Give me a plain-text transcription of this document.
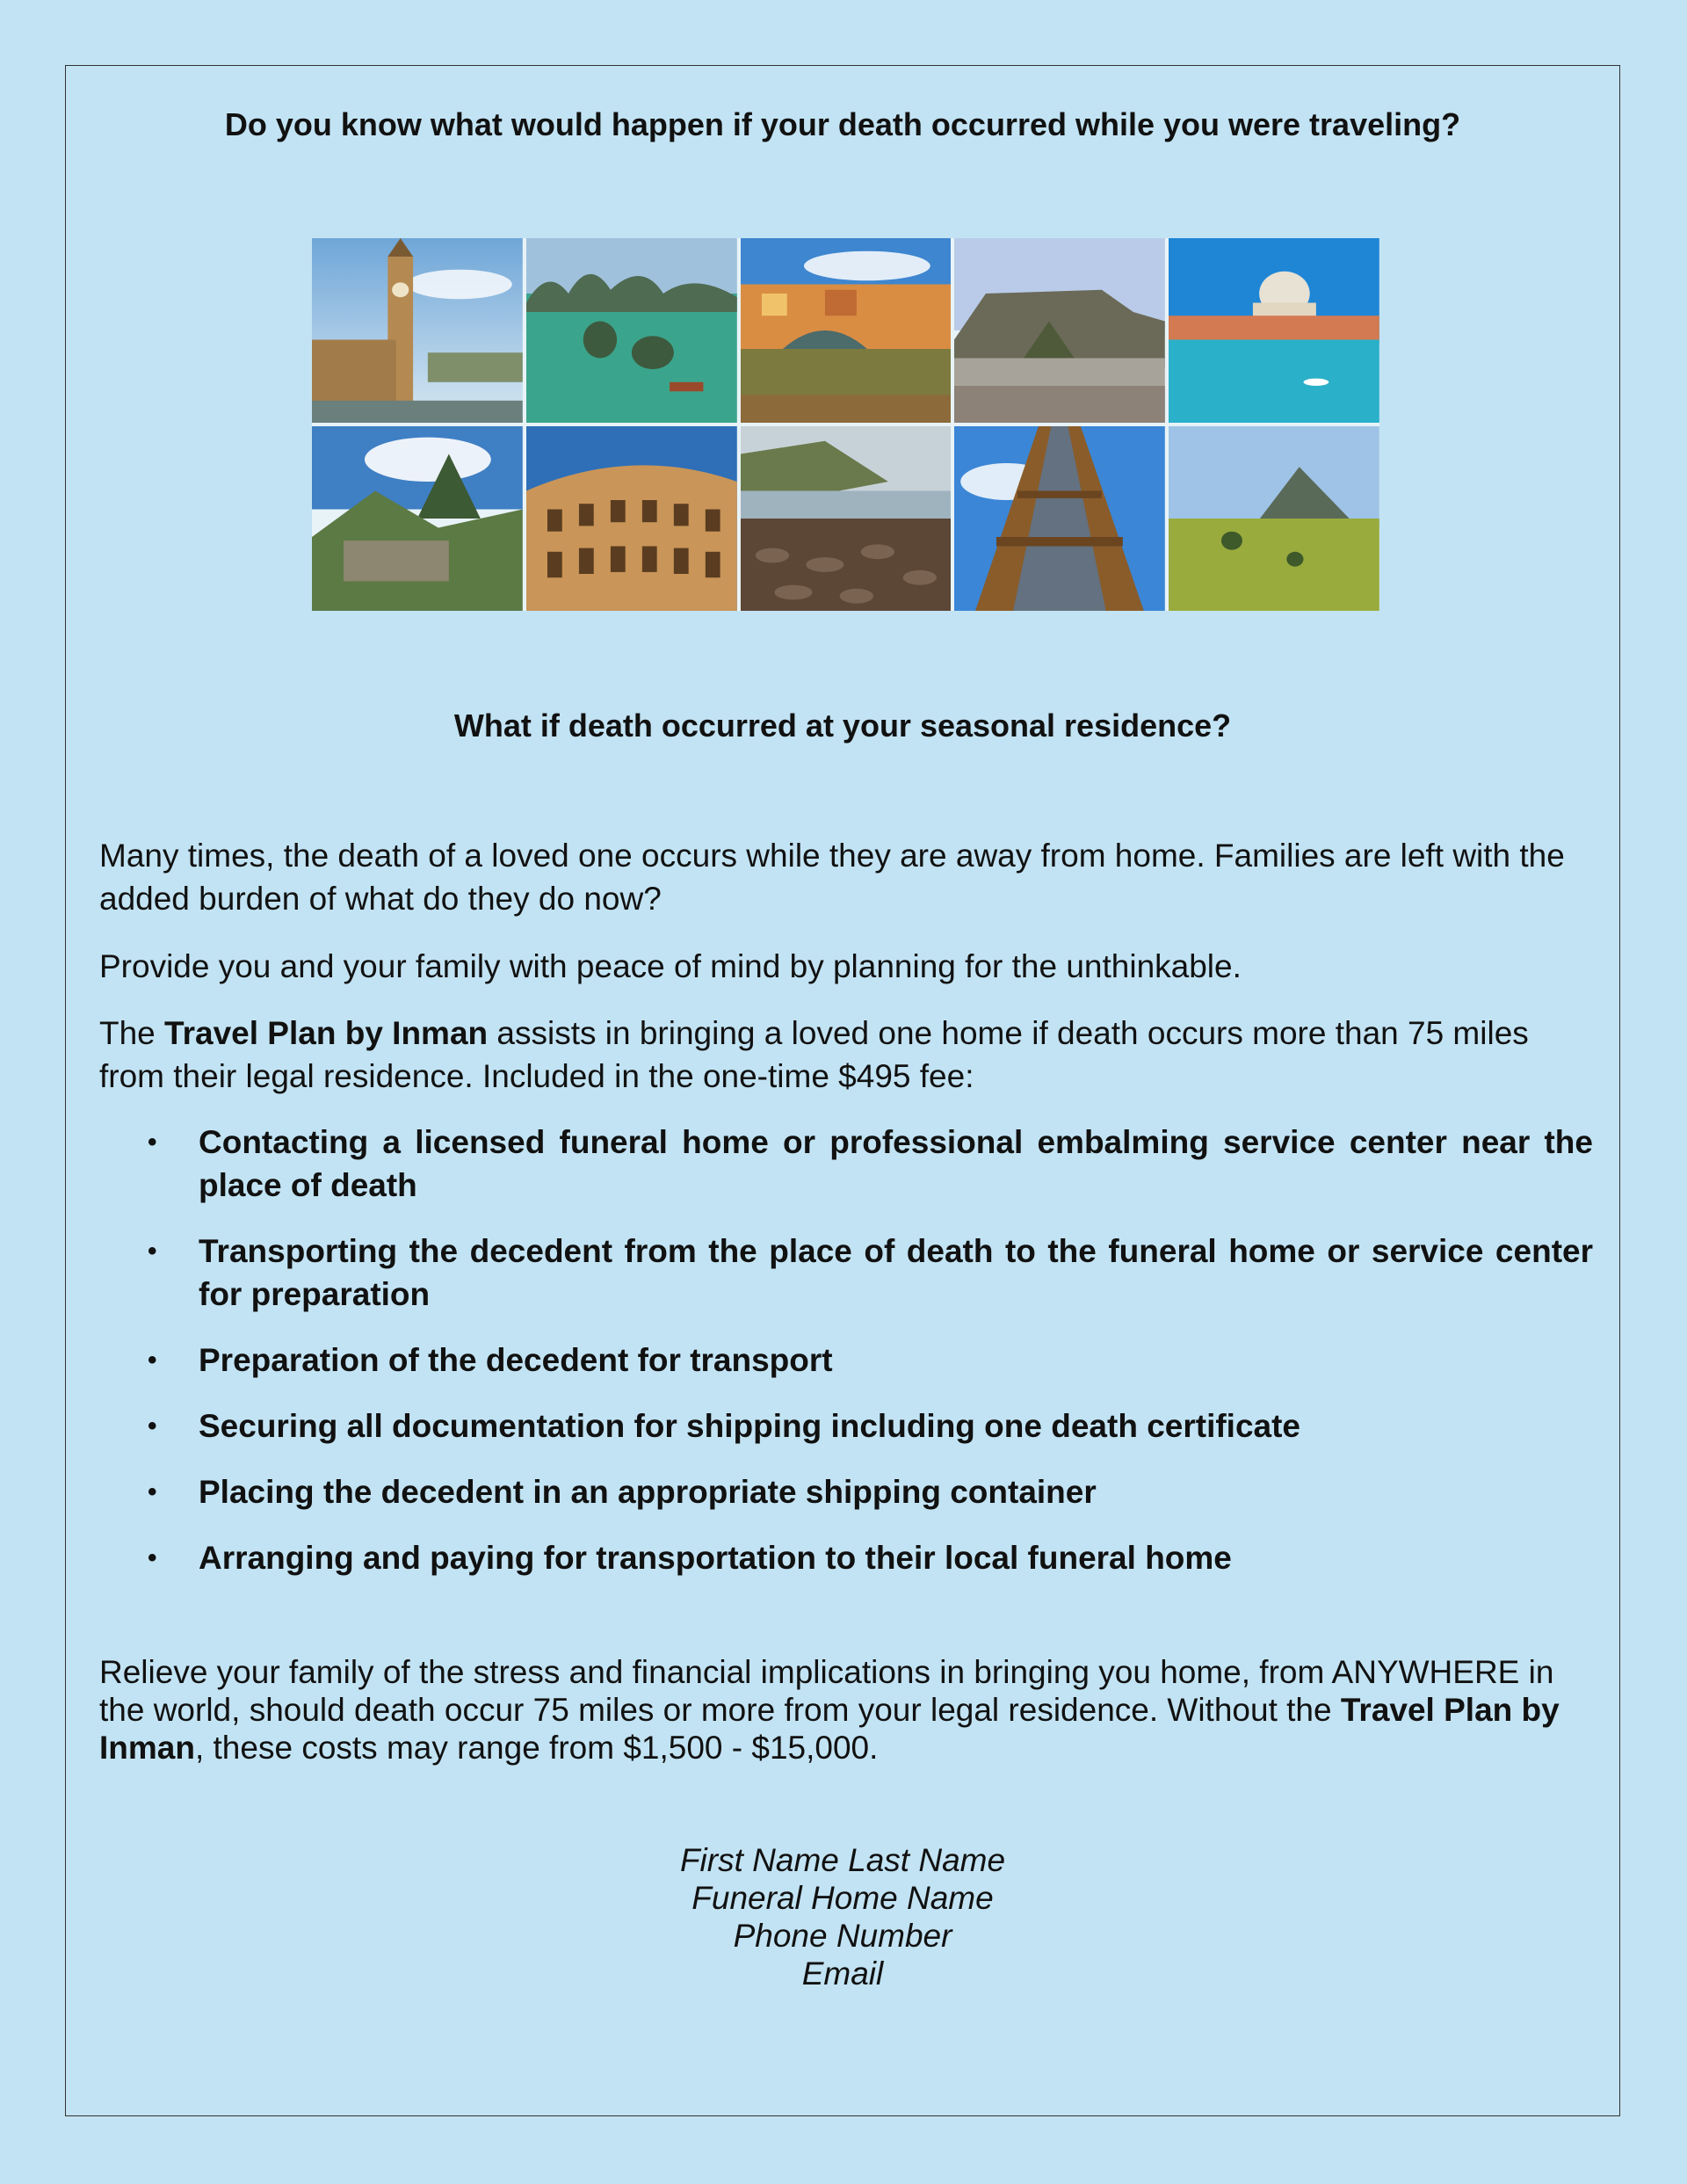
Do you know what would happen if your death occurred while you were traveling?
What if death occurred at your seasonal residence?

Many times, the death of a loved one occurs while they are away from home. Families are left with the added burden of what do they do now?

Provide you and your family with peace of mind by planning for the unthinkable.

The Travel Plan by Inman assists in bringing a loved one home if death occurs more than 75 miles from their legal residence. Included in the one-time $495 fee:

• Contacting a licensed funeral home or professional embalming service center near the place of death
• Transporting the decedent from the place of death to the funeral home or service center for preparation
• Preparation of the decedent for transport
• Securing all documentation for shipping including one death certificate
• Placing the decedent in an appropriate shipping container
• Arranging and paying for transportation to their local funeral home

Relieve your family of the stress and financial implications in bringing you home, from ANYWHERE in the world, should death occur 75 miles or more from your legal residence. Without the Travel Plan by Inman, these costs may range from $1,500 - $15,000.

First Name Last Name
Funeral Home Name
Phone Number
Email
